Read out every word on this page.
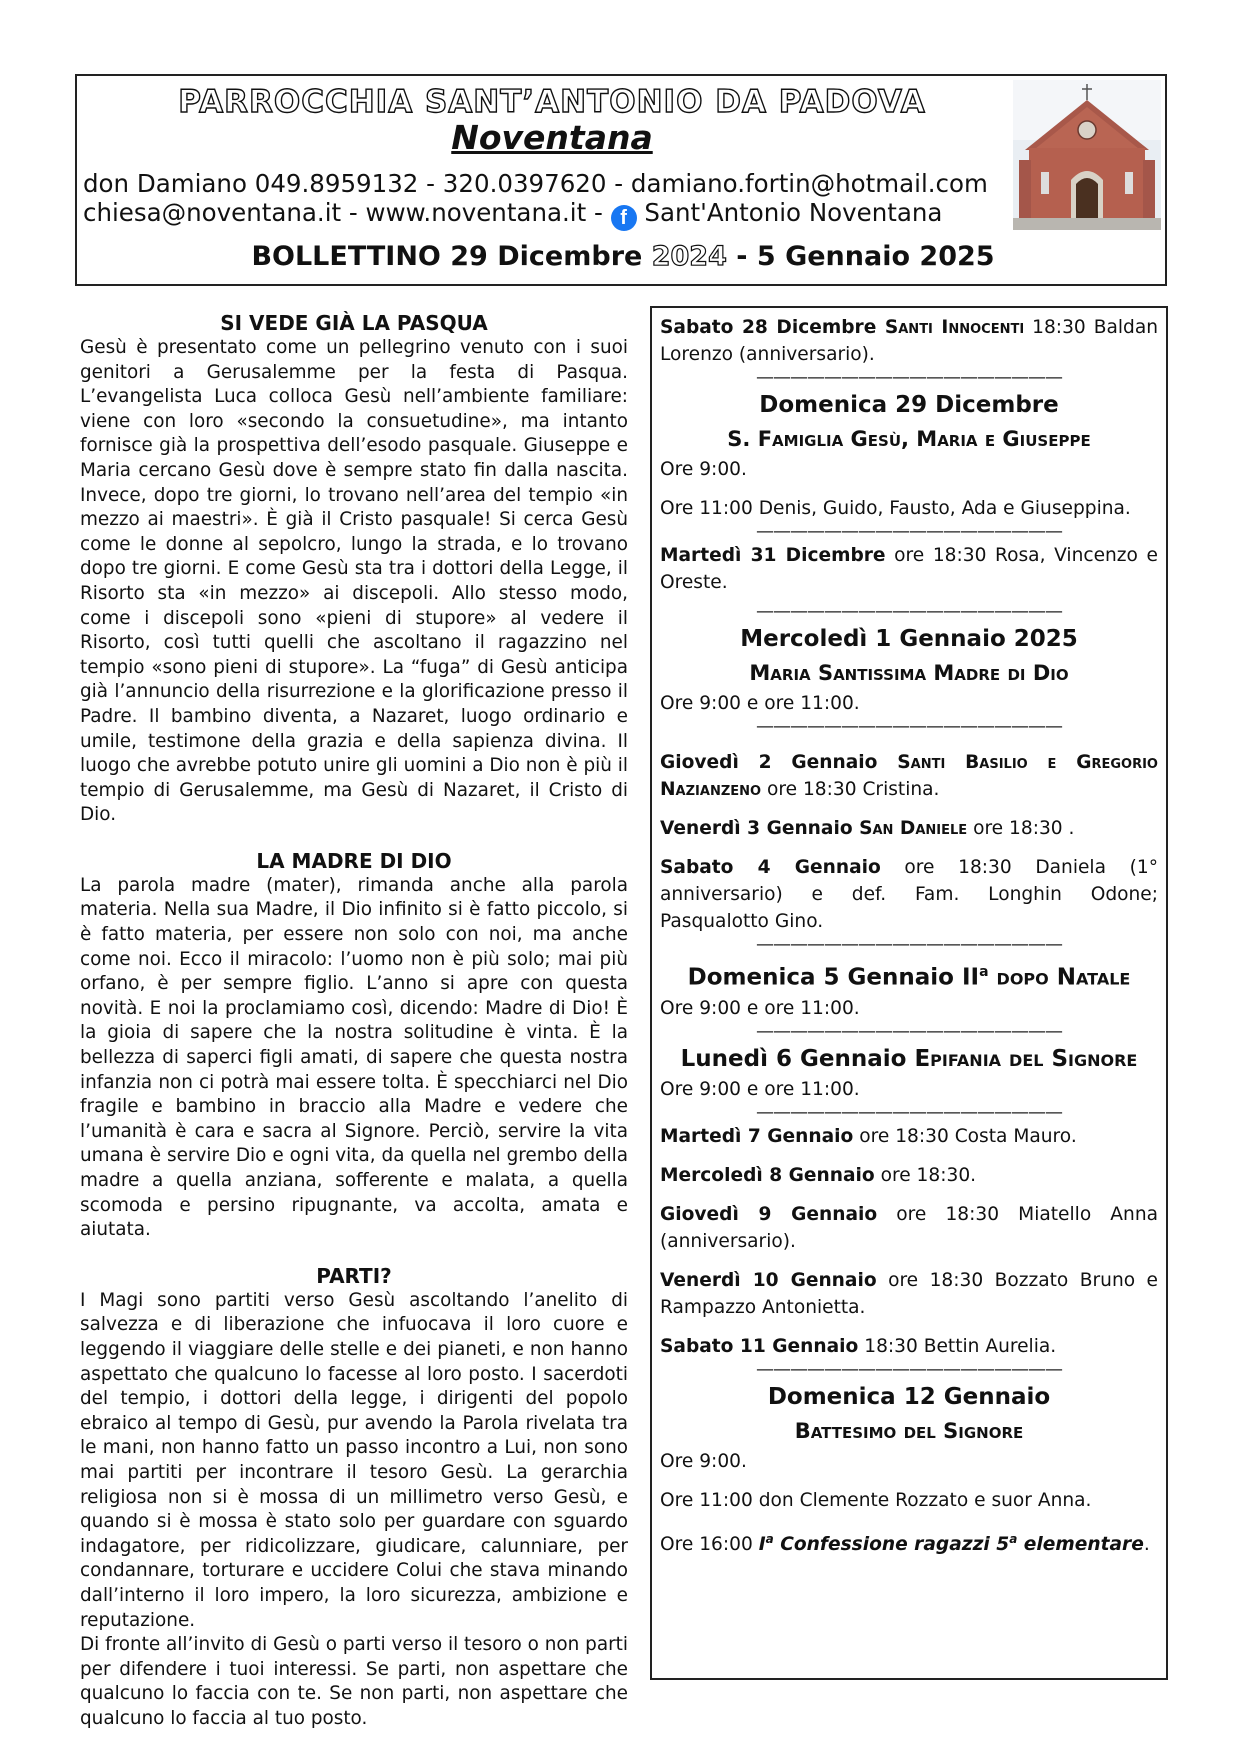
PARROCCHIA SANT’ANTONIO DA PADOVA
Noventana
don Damiano 049.8959132 - 320.0397620 - damiano.fortin@hotmail.com
chiesa@noventana.it - www.noventana.it - f Sant'Antonio Noventana
BOLLETTINO 29 Dicembre 2024 - 5 Gennaio 2025
SI VEDE GIÀ LA PASQUA

Gesù è presentato come un pellegrino venuto con i suoi genitori a Gerusalemme per la festa di Pasqua. L’evangelista Luca colloca Gesù nell’ambiente familiare: viene con loro «secondo la consuetudine», ma intanto fornisce già la prospettiva dell’esodo pasquale. Giuseppe e Maria cercano Gesù dove è sempre stato fin dalla nascita. Invece, dopo tre giorni, lo trovano nell’area del tempio «in mezzo ai maestri». È già il Cristo pasquale! Si cerca Gesù come le donne al sepolcro, lungo la strada, e lo trovano dopo tre giorni. E come Gesù sta tra i dottori della Legge, il Risorto sta «in mezzo» ai discepoli. Allo stesso modo, come i discepoli sono «pieni di stupore» al vedere il Risorto, così tutti quelli che ascoltano il ragazzino nel tempio «sono pieni di stupore». La “fuga” di Gesù anticipa già l’annuncio della risurrezione e la glorificazione presso il Padre. Il bambino diventa, a Nazaret, luogo ordinario e umile, testimone della grazia e della sapienza divina. Il luogo che avrebbe potuto unire gli uomini a Dio non è più il tempio di Gerusalemme, ma Gesù di Nazaret, il Cristo di Dio.

LA MADRE DI DIO

La parola madre (mater), rimanda anche alla parola materia. Nella sua Madre, il Dio infinito si è fatto piccolo, si è fatto materia, per essere non solo con noi, ma anche come noi. Ecco il miracolo: l’uomo non è più solo; mai più orfano, è per sempre figlio. L’anno si apre con questa novità. E noi la proclamiamo così, dicendo: Madre di Dio! È la gioia di sapere che la nostra solitudine è vinta. È la bellezza di saperci figli amati, di sapere che questa nostra infanzia non ci potrà mai essere tolta. È specchiarci nel Dio fragile e bambino in braccio alla Madre e vedere che l’umanità è cara e sacra al Signore. Perciò, servire la vita umana è servire Dio e ogni vita, da quella nel grembo della madre a quella anziana, sofferente e malata, a quella scomoda e persino ripugnante, va accolta, amata e aiutata.

PARTI?

I Magi sono partiti verso Gesù ascoltando l’anelito di salvezza e di liberazione che infuocava il loro cuore e leggendo il viaggiare delle stelle e dei pianeti, e non hanno aspettato che qualcuno lo facesse al loro posto. I sacerdoti del tempio, i dottori della legge, i dirigenti del popolo ebraico al tempo di Gesù, pur avendo la Parola rivelata tra le mani, non hanno fatto un passo incontro a Lui, non sono mai partiti per incontrare il tesoro Gesù. La gerarchia religiosa non si è mossa di un millimetro verso Gesù, e quando si è mossa è stato solo per guardare con sguardo indagatore, per ridicolizzare, giudicare, calunniare, per condannare, torturare e uccidere Colui che stava minando dall’interno il loro impero, la loro sicurezza, ambizione e reputazione.

Di fronte all’invito di Gesù o parti verso il tesoro o non parti per difendere i tuoi interessi. Se parti, non aspettare che qualcuno lo faccia con te. Se non parti, non aspettare che qualcuno lo faccia al tuo posto.

Sabato 28 Dicembre Santi Innocenti 18:30 Baldan Lorenzo (anniversario).

——————————————————
Domenica 29 Dicembre
S. Famiglia Gesù, Maria e Giuseppe

Ore 9:00.

Ore 11:00 Denis, Guido, Fausto, Ada e Giuseppina.

——————————————————

Martedì 31 Dicembre ore 18:30 Rosa, Vincenzo e Oreste.

——————————————————
Mercoledì 1 Gennaio 2025
Maria Santissima Madre di Dio

Ore 9:00 e ore 11:00.

——————————————————

Giovedì 2 Gennaio Santi Basilio e Gregorio Nazianzeno ore 18:30 Cristina.

Venerdì 3 Gennaio San Daniele ore 18:30 .

Sabato 4 Gennaio ore 18:30 Daniela (1° anniversario) e def. Fam. Longhin Odone; Pasqualotto Gino.

——————————————————
Domenica 5 Gennaio $II^a$ dopo Natale

Ore 9:00 e ore 11:00.

——————————————————
Lunedì 6 Gennaio Epifania del Signore

Ore 9:00 e ore 11:00.

——————————————————

Martedì 7 Gennaio ore 18:30 Costa Mauro.

Mercoledì 8 Gennaio ore 18:30.

Giovedì 9 Gennaio ore 18:30 Miatello Anna (anniversario).

Venerdì 10 Gennaio ore 18:30 Bozzato Bruno e Rampazzo Antonietta.

Sabato 11 Gennaio 18:30 Bettin Aurelia.

——————————————————
Domenica 12 Gennaio
Battesimo del Signore

Ore 9:00.

Ore 11:00 don Clemente Rozzato e suor Anna.

Ore 16:00 $I^a$ Confessione ragazzi 5$^a$ elementare.
